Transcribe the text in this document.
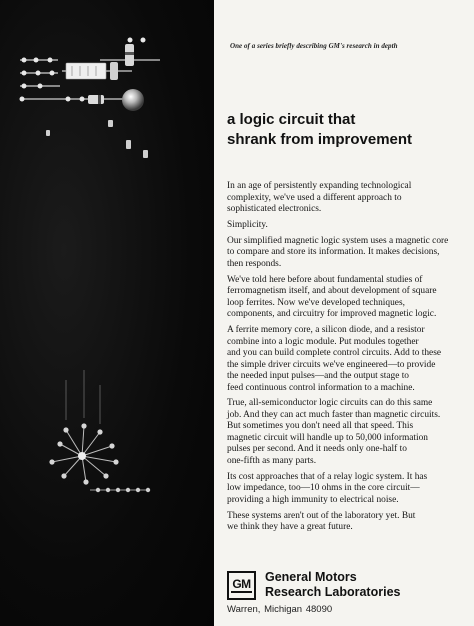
One of a series briefly describing GM's research in depth
a logic circuit that
shrank from improvement
In an age of persistently expanding technological
complexity, we've used a different approach to
sophisticated electronics.
Simplicity.
Our simplified magnetic logic system uses a magnetic core
to compare and store its information. It makes decisions,
then responds.
We've told here before about fundamental studies of
ferromagnetism itself, and about development of square
loop ferrites. Now we've developed techniques,
components, and circuitry for improved magnetic logic.
A ferrite memory core, a silicon diode, and a resistor
combine into a logic module. Put modules together
and you can build complete control circuits. Add to these
the simple driver circuits we've engineered—to provide
the needed input pulses—and the output stage to
feed continuous control information to a machine.
True, all-semiconductor logic circuits can do this same
job. And they can act much faster than magnetic circuits.
But sometimes you don't need all that speed. This
magnetic circuit will handle up to 50,000 information
pulses per second. And it needs only one-half to
one-fifth as many parts.
Its cost approaches that of a relay logic system. It has
low impedance, too—10 ohms in the core circuit—
providing a high immunity to electrical noise.
These systems aren't out of the laboratory yet. But
we think they have a great future.
GM General Motors
Research Laboratories
Warren, Michigan 48090
